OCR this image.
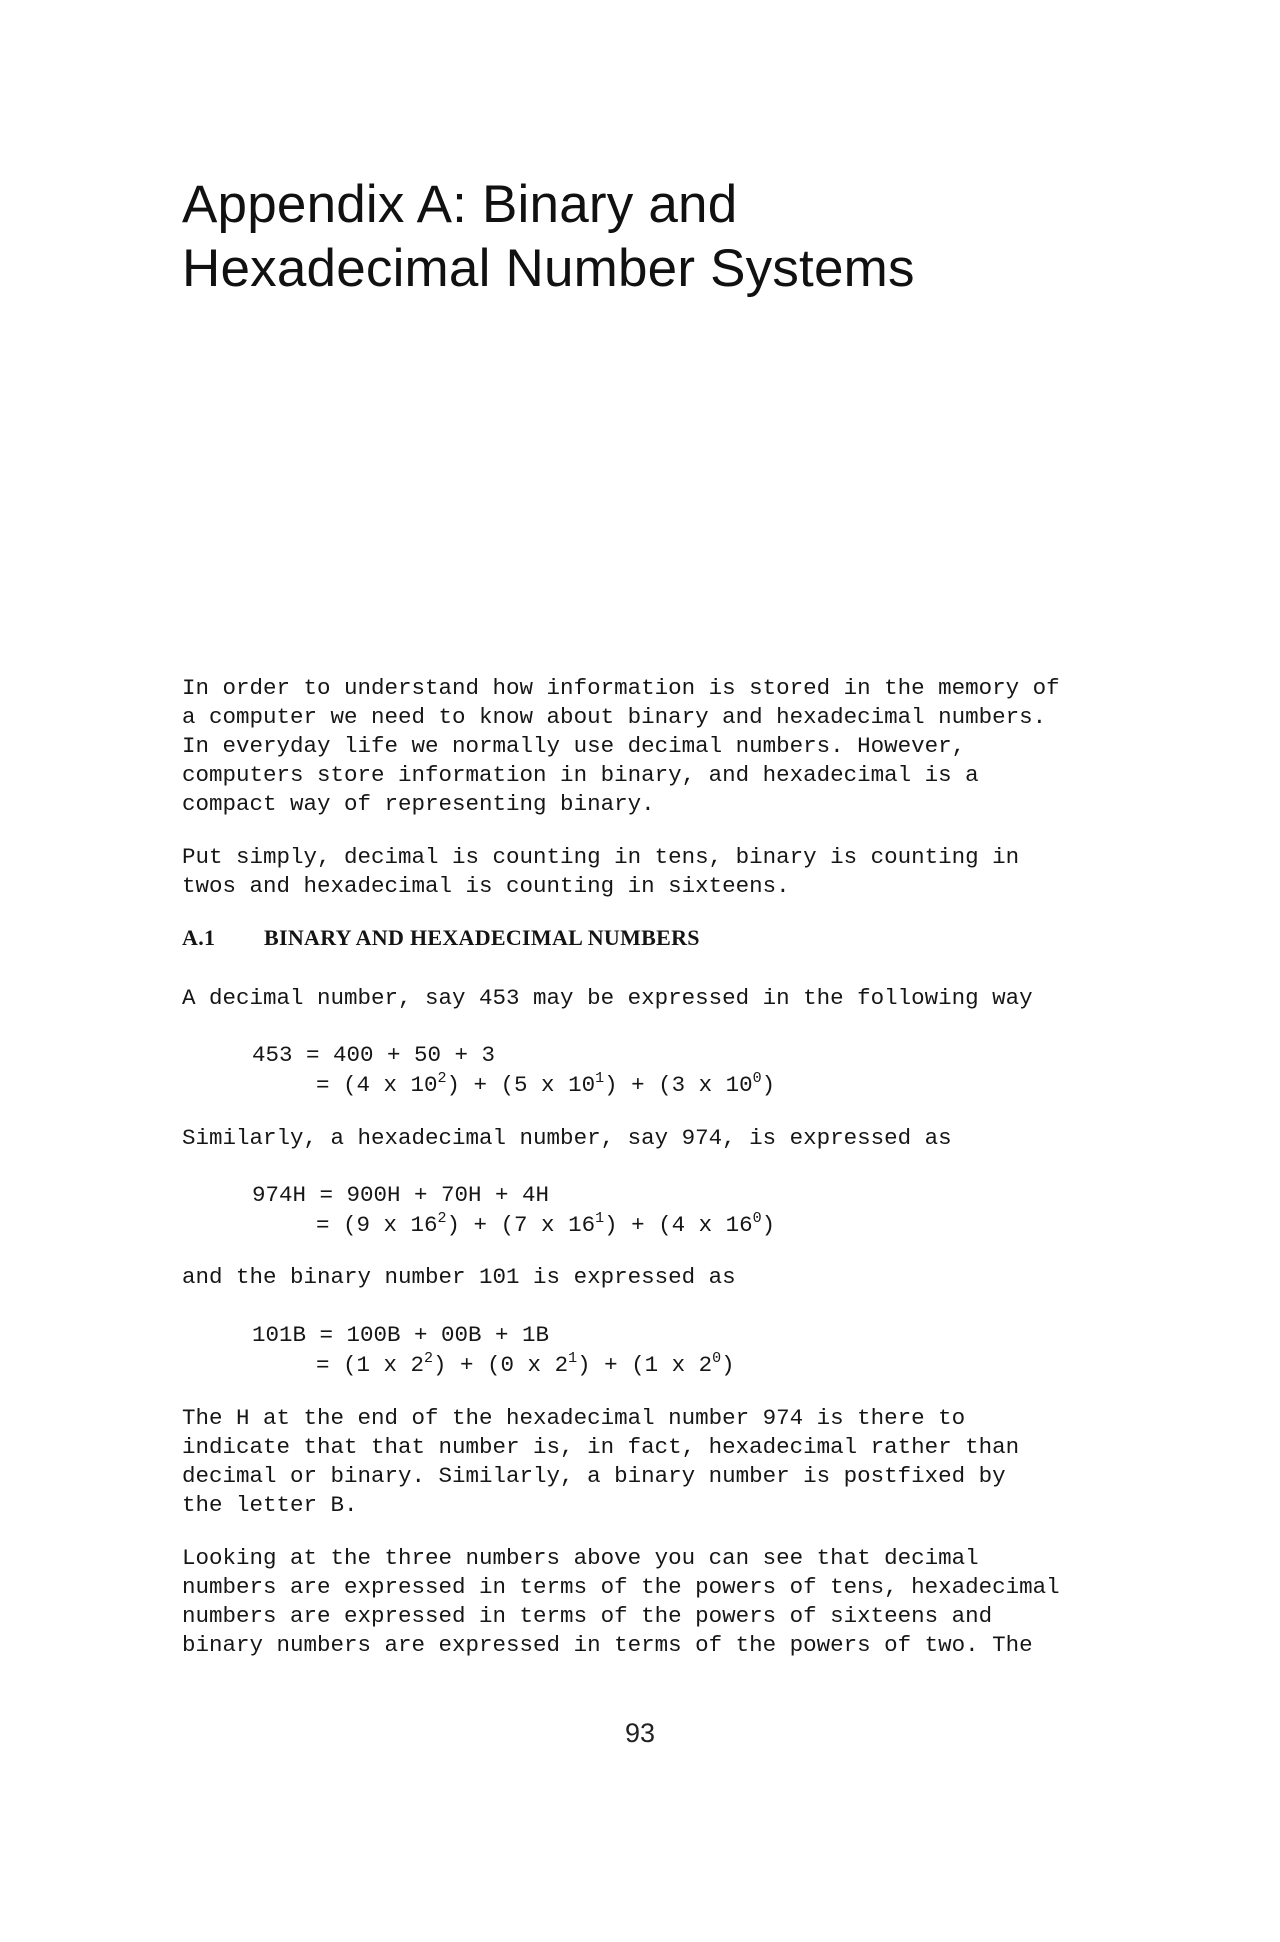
Appendix A: Binary and
Hexadecimal Number Systems

In order to understand how information is stored in the memory of
a computer we need to know about binary and hexadecimal numbers.
In everyday life we normally use decimal numbers. However,
computers store information in binary, and hexadecimal is a
compact way of representing binary.

Put simply, decimal is counting in tens, binary is counting in
twos and hexadecimal is counting in sixteens.

A.1 BINARY AND HEXADECIMAL NUMBERS

A decimal number, say 453 may be expressed in the following way

453 = 400 + 50 + 3
= (4 x $10^2) + (5$ x $10^1) + (3$ x $10^0$)

Similarly, a hexadecimal number, say 974, is expressed as

974H = 900H + 70H + 4H
= (9 x $16^2) + (7$ x $16^1) + (4$ x $16^0$)

and the binary number 101 is expressed as

101B = 100B + 00B + 1B
= (1 x $2^2) + (0$ x $2^1) + (1$ x $2^0$)

The H at the end of the hexadecimal number 974 is there to
indicate that that number is, in fact, hexadecimal rather than
decimal or binary. Similarly, a binary number is postfixed by
the letter B.

Looking at the three numbers above you can see that decimal
numbers are expressed in terms of the powers of tens, hexadecimal
numbers are expressed in terms of the powers of sixteens and
binary numbers are expressed in terms of the powers of two. The

93
